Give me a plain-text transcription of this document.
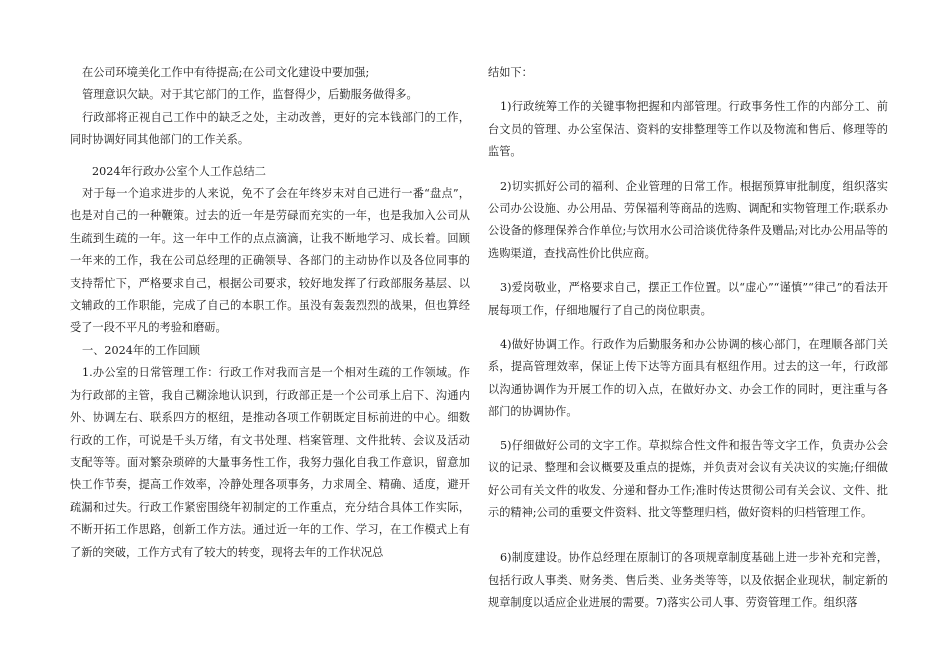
在公司环境美化工作中有待提高;在公司文化建设中要加强;

管理意识欠缺。对于其它部门的工作，监督得少，后勤服务做得多。

行政部将正视自己工作中的缺乏之处，主动改善，更好的完本钱部门的工作，同时协调好同其他部门的工作关系。

2024年行政办公室个人工作总结二

对于每一个追求进步的人来说，免不了会在年终岁末对自己进行一番“盘点”，也是对自己的一种鞭策。过去的近一年是劳碌而充实的一年，也是我加入公司从生疏到生疏的一年。这一年中工作的点点滴滴，让我不断地学习、成长着。回顾一年来的工作，我在公司总经理的正确领导、各部门的主动协作以及各位同事的支持帮忙下，严格要求自己，根据公司要求，较好地发挥了行政部服务基层、以文辅政的工作职能，完成了自己的本职工作。虽没有轰轰烈烈的战果，但也算经受了一段不平凡的考验和磨砺。

一、2024年的工作回顾

1.办公室的日常管理工作：行政工作对我而言是一个相对生疏的工作领域。作为行政部的主管，我自己糊涂地认识到，行政部正是一个公司承上启下、沟通内外、协调左右、联系四方的枢纽，是推动各项工作朝既定目标前进的中心。细数行政的工作，可说是千头万绪，有文书处理、档案管理、文件批转、会议及活动支配等等。面对繁杂琐碎的大量事务性工作，我努力强化自我工作意识，留意加快工作节奏，提高工作效率，冷静处理各项事务，力求周全、精确、适度，避开疏漏和过失。行政工作紧密围绕年初制定的工作重点，充分结合具体工作实际，不断开拓工作思路，创新工作方法。通过近一年的工作、学习，在工作模式上有了新的突破，工作方式有了较大的转变，现将去年的工作状况总

结如下：

1)行政统筹工作的关键事物把握和内部管理。行政事务性工作的内部分工、前台文员的管理、办公室保洁、资料的安排整理等工作以及物流和售后、修理等的监管。

2)切实抓好公司的福利、企业管理的日常工作。根据预算审批制度，组织落实公司办公设施、办公用品、劳保福利等商品的选购、调配和实物管理工作;联系办公设备的修理保养合作单位;与饮用水公司洽谈优待条件及赠品;对比办公用品等的选购渠道，查找高性价比供应商。

3)爱岗敬业，严格要求自己，摆正工作位置。以“虚心”“谨慎”“律己”的看法开展每项工作，仔细地履行了自己的岗位职责。

4)做好协调工作。行政作为后勤服务和办公协调的核心部门，在理顺各部门关系，提高管理效率，保证上传下达等方面具有枢纽作用。过去的这一年，行政部以沟通协调作为开展工作的切入点，在做好办文、办会工作的同时，更注重与各部门的协调协作。

5)仔细做好公司的文字工作。草拟综合性文件和报告等文字工作，负责办公会议的记录、整理和会议概要及重点的提炼，并负责对会议有关决议的实施;仔细做好公司有关文件的收发、分递和督办工作;准时传达贯彻公司有关会议、文件、批示的精神;公司的重要文件资料、批文等整理归档，做好资料的归档管理工作。

6)制度建设。协作总经理在原制订的各项规章制度基础上进一步补充和完善，包括行政人事类、财务类、售后类、业务类等等，以及依据企业现状，制定新的规章制度以适应企业进展的需要。7)落实公司人事、劳资管理工作。组织落
